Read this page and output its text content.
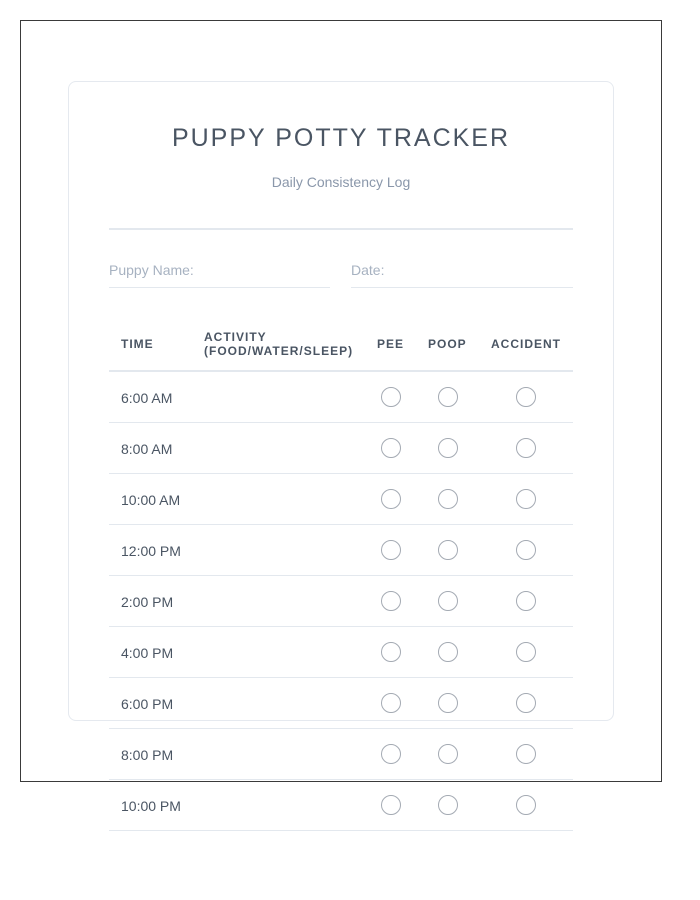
PUPPY POTTY TRACKER

Daily Consistency Log

Puppy Name:	Date:
TIME	ACTIVITY
(FOOD/WATER/SLEEP) PEE POOP ACCIDENT
6:00 AM
8:00 AM
10:00 AM
12:00 PM
2:00 PM
4:00 PM
6:00 PM
8:00 PM
10:00 PM
